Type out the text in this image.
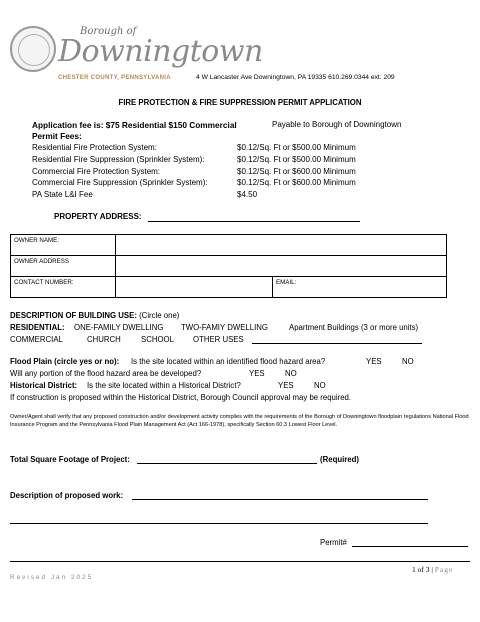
Borough of
Downingtown
CHESTER COUNTY, PENNSYLVANIA	4 W Lancaster Ave Downingtown, PA 19335 610.269.0344 ext. 209
FIRE PROTECTION & FIRE SUPPRESSION PERMIT APPLICATION
Application fee is: $75 Residential $150 Commercial	Payable to Borough of Downingtown
Permit Fees:
Residential Fire Protection System:	$0.12/Sq. Ft or $500.00 Minimum
Residential Fire Suppression (Sprinkler System):	$0.12/Sq. Ft or $500.00 Minimum
Commercial Fire Protection System:	$0.12/Sq. Ft or $600.00 Minimum
Commercial Fire Suppression (Sprinkler System):	$0.12/Sq. Ft or $600.00 Minimum
PA State L&I Fee	$4.50
PROPERTY ADDRESS:
OWNER NAME:		
OWNER ADDRESS		
CONTACT NUMBER:		EMAIL:
DESCRIPTION OF BUILDING USE: (Circle one)
RESIDENTIAL: ONE-FAMILY DWELLING TWO-FAMIY DWELLING	Apartment Buildings (3 or more units)
COMMERCIAL	CHURCH	SCHOOL OTHER USES
Flood Plain (circle yes or no): Is the site located within an identified flood hazard area?	YES	NO
Will any portion of the flood hazard area be developed?	YES	NO
Historical District: Is the site located within a Historical District?	YES	NO
If construction is proposed within the Historical District, Borough Council approval may be required.
Owner/Agent shall verify that any proposed construction and/or development activity complies with the requirements of the Borough of Downingtown floodplain regulations National Flood Insurance Program and the Pennsylvania Flood Plain Management Act (Act 166-1978), specifically Section 60.3 Lowest Floor Level.
Total Square Footage of Project:	(Required)
Description of proposed work:
Permit#
1 of 3 | Page
Revised Jan 2025
